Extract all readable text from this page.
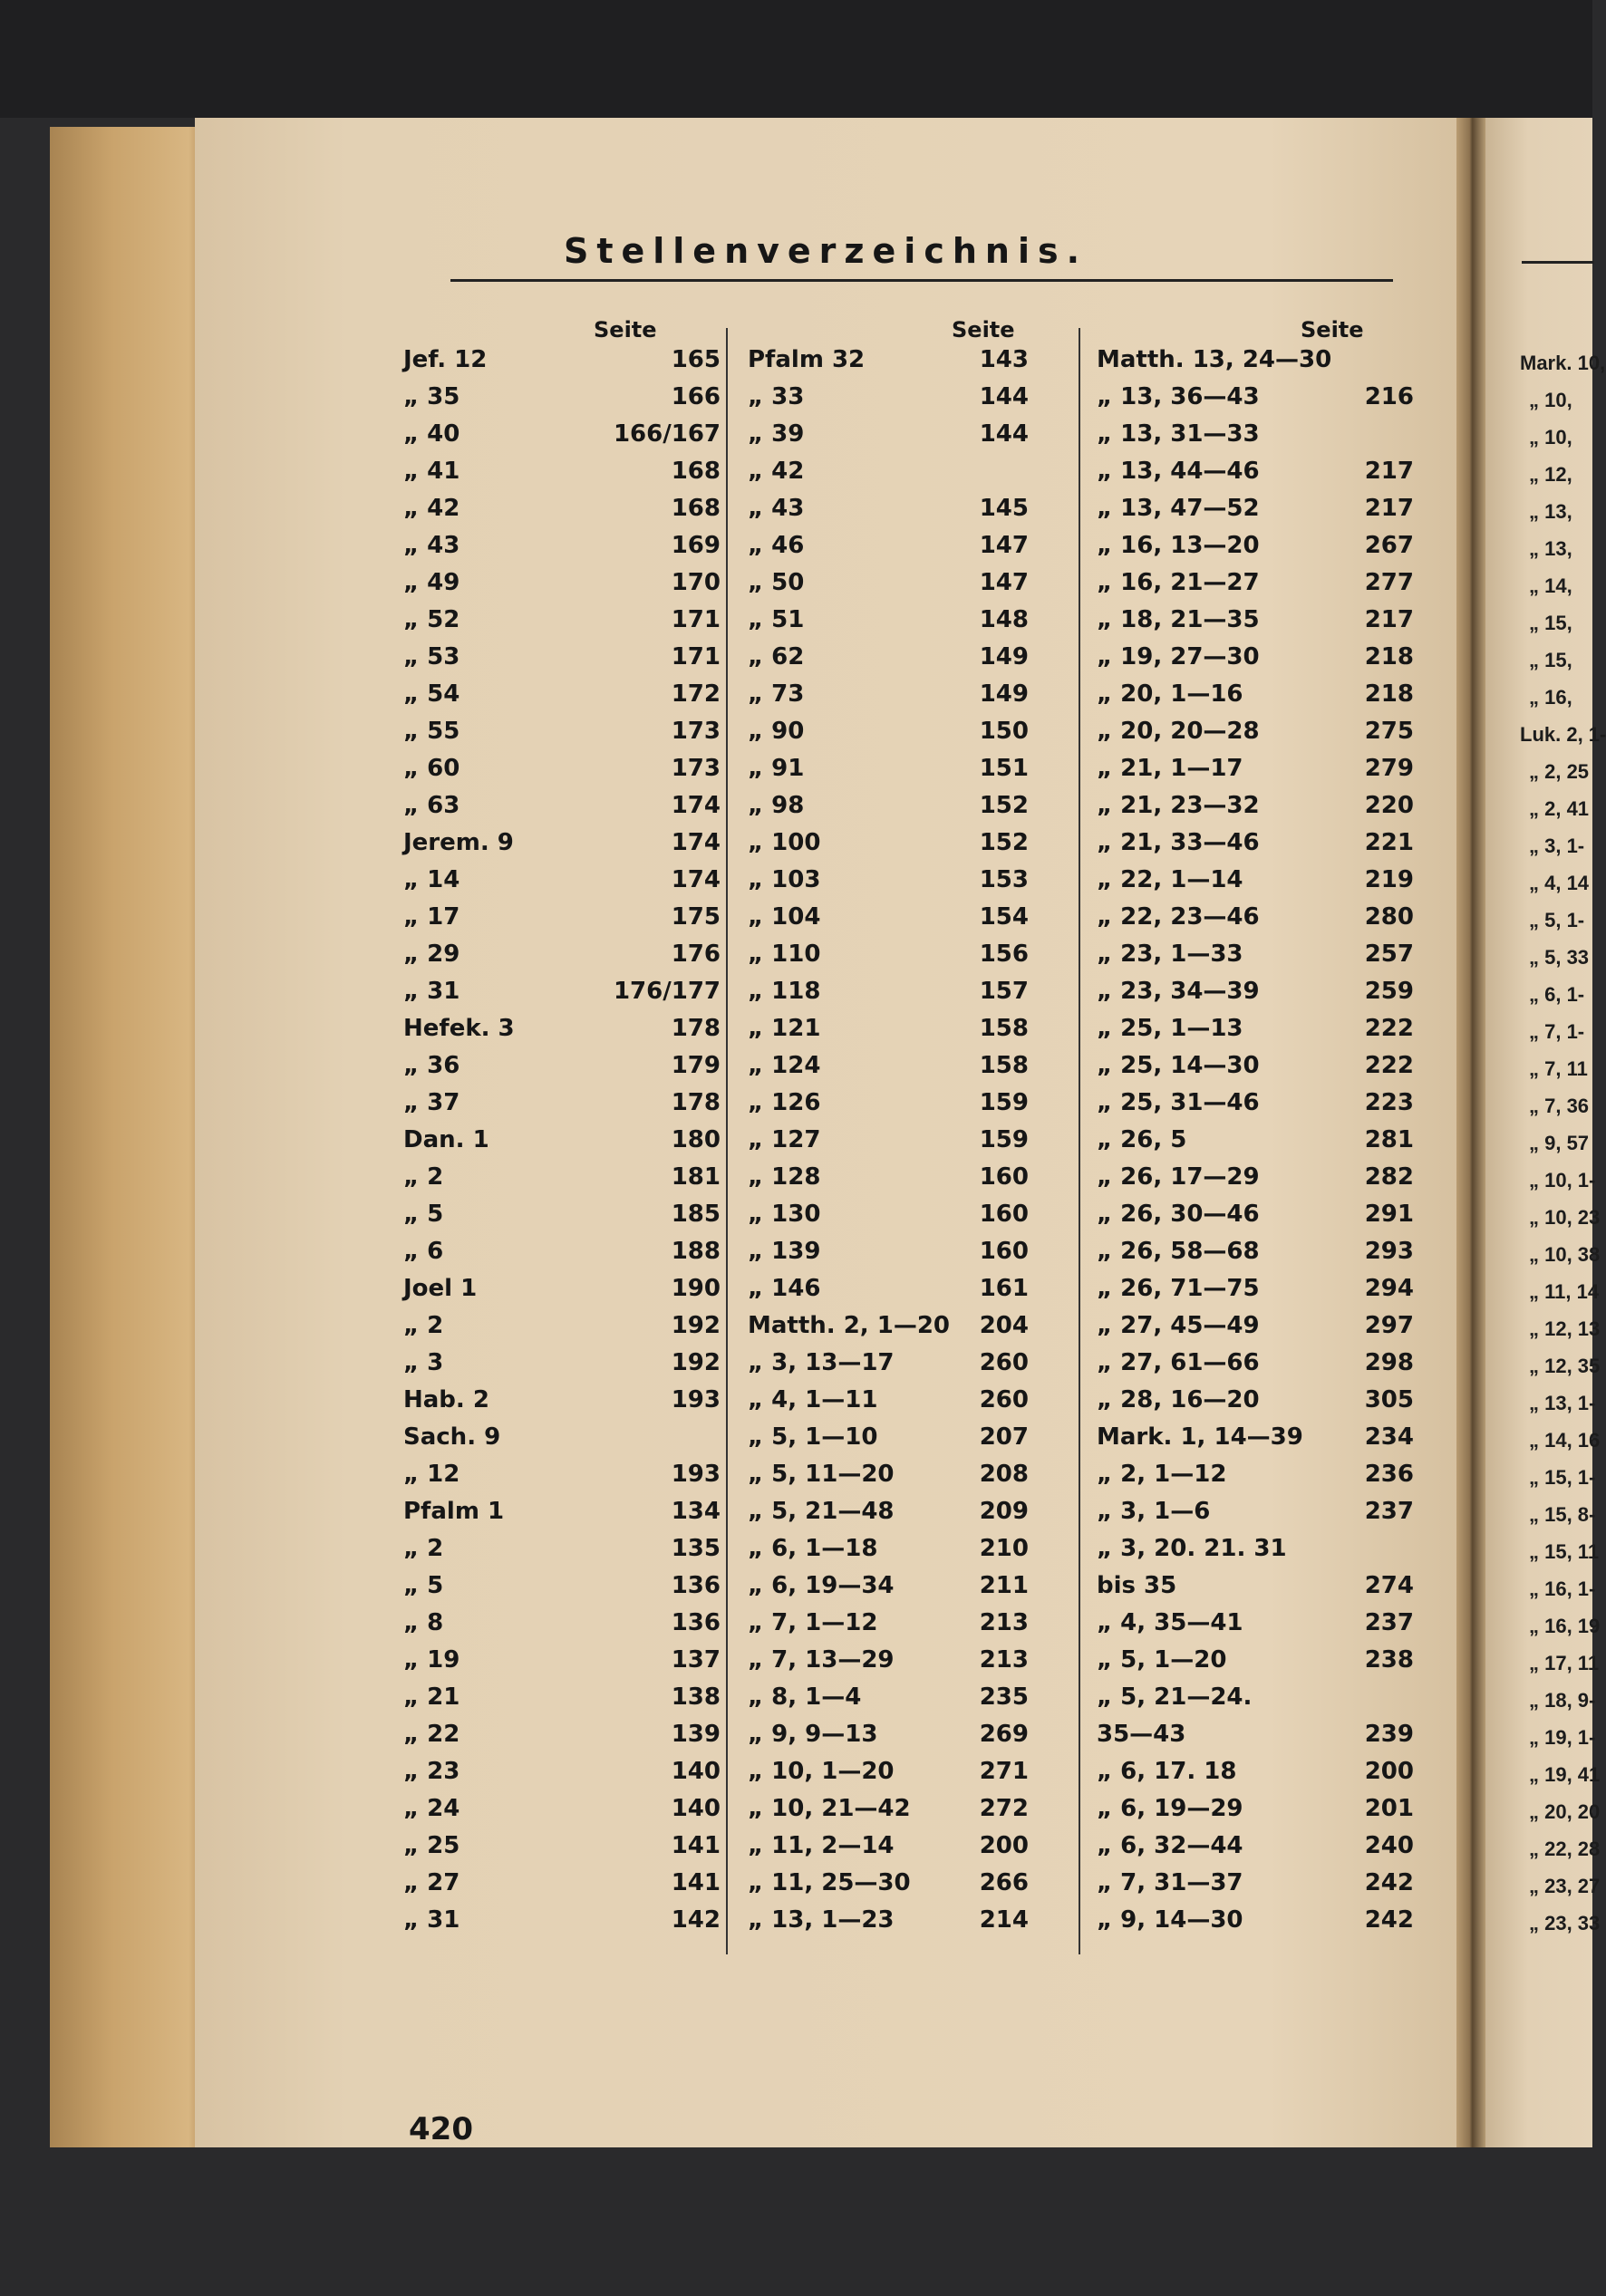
Stellenverzeichnis.
Seite
Jef. 12	165
„ 35	166
„ 40	166/167
„ 41	168
„ 42	168
„ 43	169
„ 49	170
„ 52	171
„ 53	171
„ 54	172
„ 55	173
„ 60	173
„ 63	174
Jerem. 9	174
„ 14	174
„ 17	175
„ 29	176
„ 31	176/177
Hefek. 3	178
„ 36	179
„ 37	178
Dan. 1	180
„ 2	181
„ 5	185
„ 6	188
Joel 1	190
„ 2	192
„ 3	192
Hab. 2	193
Sach. 9
„ 12	193
Pfalm 1	134
„ 2	135
„ 5	136
„ 8	136
„ 19	137
„ 21	138
„ 22	139
„ 23	140
„ 24	140
„ 25	141
„ 27	141
„ 31	142
Seite
Pfalm 32	143
„ 33	144
„ 39	144
„ 42
„ 43	145
„ 46	147
„ 50	147
„ 51	148
„ 62	149
„ 73	149
„ 90	150
„ 91	151
„ 98	152
„ 100	152
„ 103	153
„ 104	154
„ 110	156
„ 118	157
„ 121	158
„ 124	158
„ 126	159
„ 127	159
„ 128	160
„ 130	160
„ 139	160
„ 146	161
Matth. 2, 1—20	204
„ 3, 13—17	260
„ 4, 1—11	260
„ 5, 1—10	207
„ 5, 11—20	208
„ 5, 21—48	209
„ 6, 1—18	210
„ 6, 19—34	211
„ 7, 1—12	213
„ 7, 13—29	213
„ 8, 1—4	235
„ 9, 9—13	269
„ 10, 1—20	271
„ 10, 21—42	272
„ 11, 2—14	200
„ 11, 25—30	266
„ 13, 1—23	214
Seite
Matth. 13, 24—30
„ 13, 36—43	216
„ 13, 31—33
„ 13, 44—46	217
„ 13, 47—52	217
„ 16, 13—20	267
„ 16, 21—27	277
„ 18, 21—35	217
„ 19, 27—30	218
„ 20, 1—16	218
„ 20, 20—28	275
„ 21, 1—17	279
„ 21, 23—32	220
„ 21, 33—46	221
„ 22, 1—14	219
„ 22, 23—46	280
„ 23, 1—33	257
„ 23, 34—39	259
„ 25, 1—13	222
„ 25, 14—30	222
„ 25, 31—46	223
„ 26, 5	281
„ 26, 17—29	282
„ 26, 30—46	291
„ 26, 58—68	293
„ 26, 71—75	294
„ 27, 45—49	297
„ 27, 61—66	298
„ 28, 16—20	305
Mark. 1, 14—39	234
„ 2, 1—12	236
„ 3, 1—6	237
„ 3, 20. 21. 31
bis 35	274
„ 4, 35—41	237
„ 5, 1—20	238
„ 5, 21—24.
35—43	239
„ 6, 17. 18	200
„ 6, 19—29	201
„ 6, 32—44	240
„ 7, 31—37	242
„ 9, 14—30	242
420
Mark. 10,
„ 10,
„ 10,
„ 12,
„ 13,
„ 13,
„ 14,
„ 15,
„ 15,
„ 16,
Luk. 2, 1-
„ 2, 25
„ 2, 41
„ 3, 1-
„ 4, 14
„ 5, 1-
„ 5, 33
„ 6, 1-
„ 7, 1-
„ 7, 11
„ 7, 36
„ 9, 57
„ 10, 1-
„ 10, 23
„ 10, 38
„ 11, 14
„ 12, 13
„ 12, 35
„ 13, 1-
„ 14, 16
„ 15, 1-
„ 15, 8-
„ 15, 11
„ 16, 1-
„ 16, 19
„ 17, 11
„ 18, 9-
„ 19, 1-
„ 19, 41
„ 20, 20
„ 22, 28
„ 23, 27
„ 23, 33
